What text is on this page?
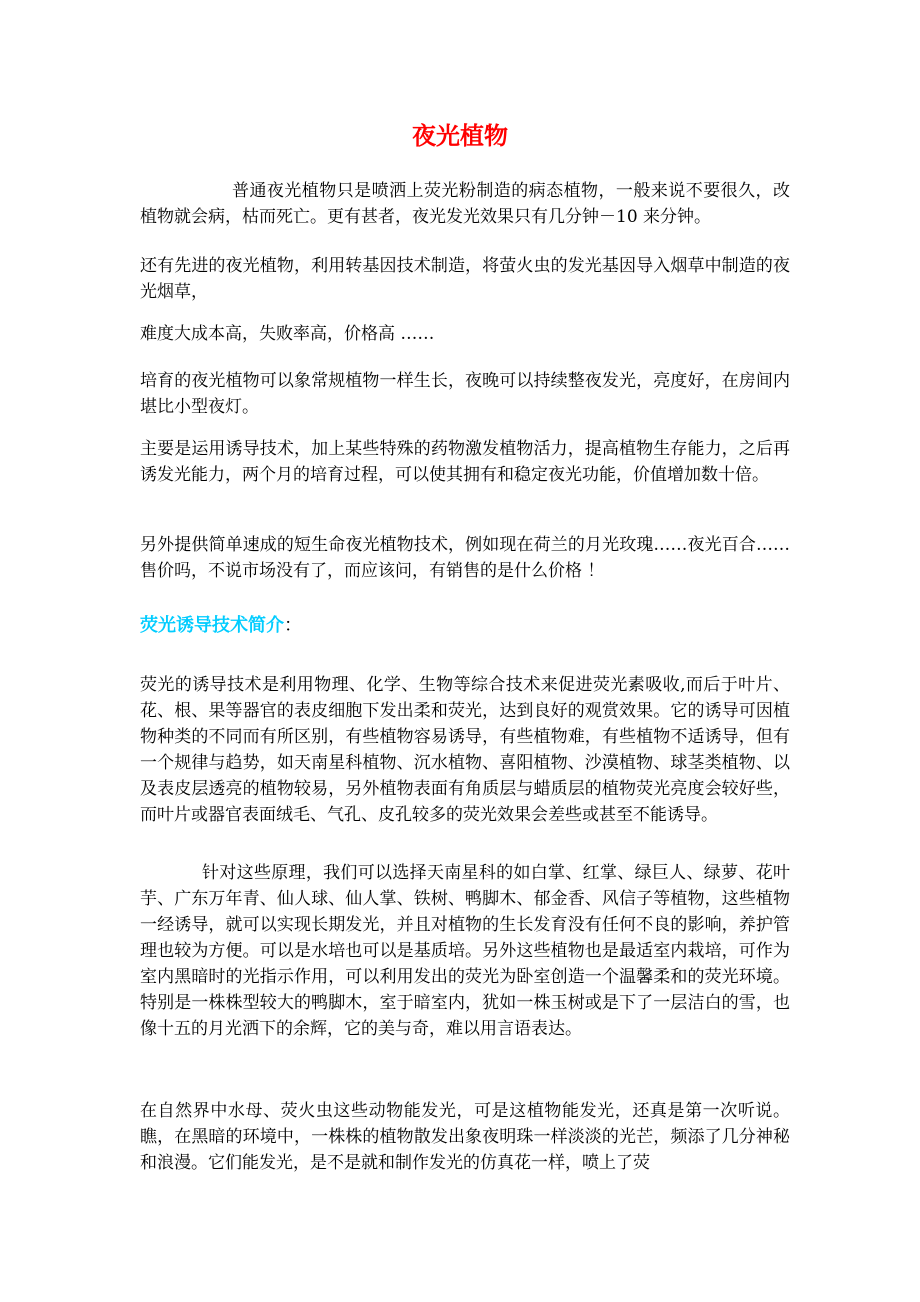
夜光植物

普通夜光植物只是喷洒上荧光粉制造的病态植物，一般来说不要很久，改植物就会病，枯而死亡。更有甚者，夜光发光效果只有几分钟－10 来分钟。

还有先进的夜光植物，利用转基因技术制造，将萤火虫的发光基因导入烟草中制造的夜光烟草，

难度大成本高，失败率高，价格高 ……

培育的夜光植物可以象常规植物一样生长，夜晚可以持续整夜发光，亮度好，在房间内堪比小型夜灯。

主要是运用诱导技术，加上某些特殊的药物激发植物活力，提高植物生存能力，之后再诱发光能力，两个月的培育过程，可以使其拥有和稳定夜光功能，价值增加数十倍。

另外提供简单速成的短生命夜光植物技术，例如现在荷兰的月光玫瑰……夜光百合……售价吗，不说市场没有了，而应该问，有销售的是什么价格 ！

荧光诱导技术简介：

荧光的诱导技术是利用物理、化学、生物等综合技术来促进荧光素吸收,而后于叶片、花、根、果等器官的表皮细胞下发出柔和荧光，达到良好的观赏效果。它的诱导可因植物种类的不同而有所区别，有些植物容易诱导，有些植物难，有些植物不适诱导，但有一个规律与趋势，如天南星科植物、沉水植物、喜阳植物、沙漠植物、球茎类植物、以及表皮层透亮的植物较易，另外植物表面有角质层与蜡质层的植物荧光亮度会较好些，而叶片或器官表面绒毛、气孔、皮孔较多的荧光效果会差些或甚至不能诱导。

针对这些原理，我们可以选择天南星科的如白掌、红掌、绿巨人、绿萝、花叶芋、广东万年青、仙人球、仙人掌、铁树、鸭脚木、郁金香、风信子等植物，这些植物一经诱导，就可以实现长期发光，并且对植物的生长发育没有任何不良的影响，养护管理也较为方便。可以是水培也可以是基质培。另外这些植物也是最适室内栽培，可作为室内黑暗时的光指示作用，可以利用发出的荧光为卧室创造一个温馨柔和的荧光环境。特别是一株株型较大的鸭脚木，室于暗室内，犹如一株玉树或是下了一层洁白的雪，也像十五的月光洒下的余辉，它的美与奇，难以用言语表达。

在自然界中水母、荧火虫这些动物能发光，可是这植物能发光，还真是第一次听说。瞧，在黑暗的环境中，一株株的植物散发出象夜明珠一样淡淡的光芒，频添了几分神秘和浪漫。它们能发光，是不是就和制作发光的仿真花一样，喷上了荧
